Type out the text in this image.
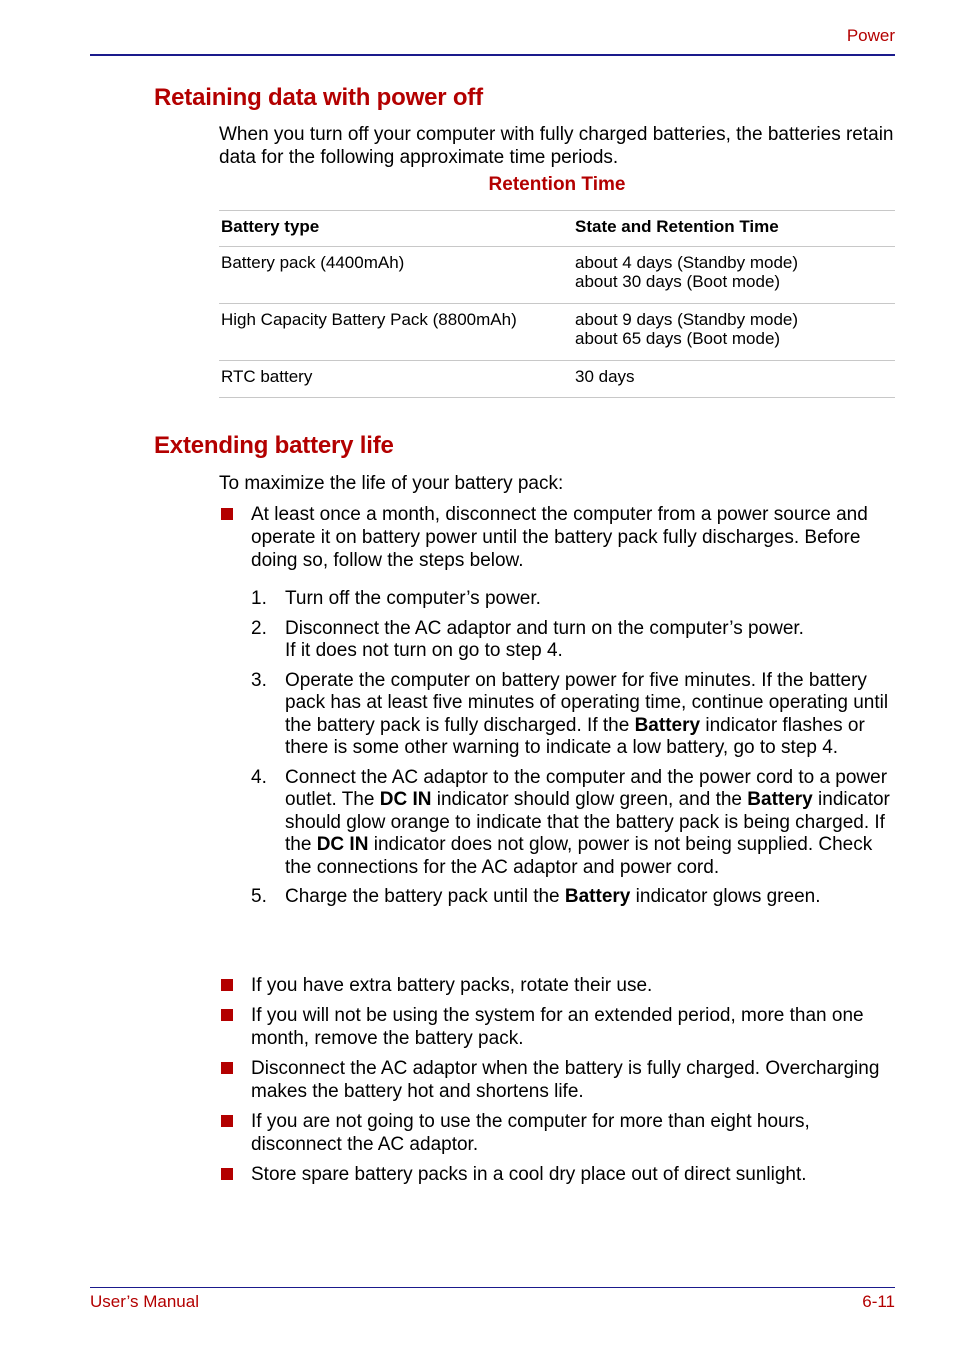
Power
Retaining data with power off

When you turn off your computer with fully charged batteries, the batteries retain data for the following approximate time periods.

Retention Time
Battery type	State and Retention Time
Battery pack (4400mAh)	about 4 days (Standby mode)
about 30 days (Boot mode)

High Capacity Battery Pack (8800mAh)	about 9 days (Standby mode)
about 65 days (Boot mode)

RTC battery	30 days
Extending battery life

To maximize the life of your battery pack:

At least once a month, disconnect the computer from a power source and operate it on battery power until the battery pack fully discharges. Before doing so, follow the steps below.
1. Turn off the computer’s power.
2. Disconnect the AC adaptor and turn on the computer’s power.
If it does not turn on go to step 4.
3. Operate the computer on battery power for five minutes. If the battery pack has at least five minutes of operating time, continue operating until the battery pack is fully discharged. If the Battery indicator flashes or there is some other warning to indicate a low battery, go to step 4.
4. Connect the AC adaptor to the computer and the power cord to a power outlet. The DC IN indicator should glow green, and the Battery indicator should glow orange to indicate that the battery pack is being charged. If the DC IN indicator does not glow, power is not being supplied. Check the connections for the AC adaptor and power cord.
5. Charge the battery pack until the Battery indicator glows green.
If you have extra battery packs, rotate their use.
If you will not be using the system for an extended period, more than one month, remove the battery pack.
Disconnect the AC adaptor when the battery is fully charged. Overcharging makes the battery hot and shortens life.
If you are not going to use the computer for more than eight hours, disconnect the AC adaptor.
Store spare battery packs in a cool dry place out of direct sunlight.
User’s Manual	6-11
